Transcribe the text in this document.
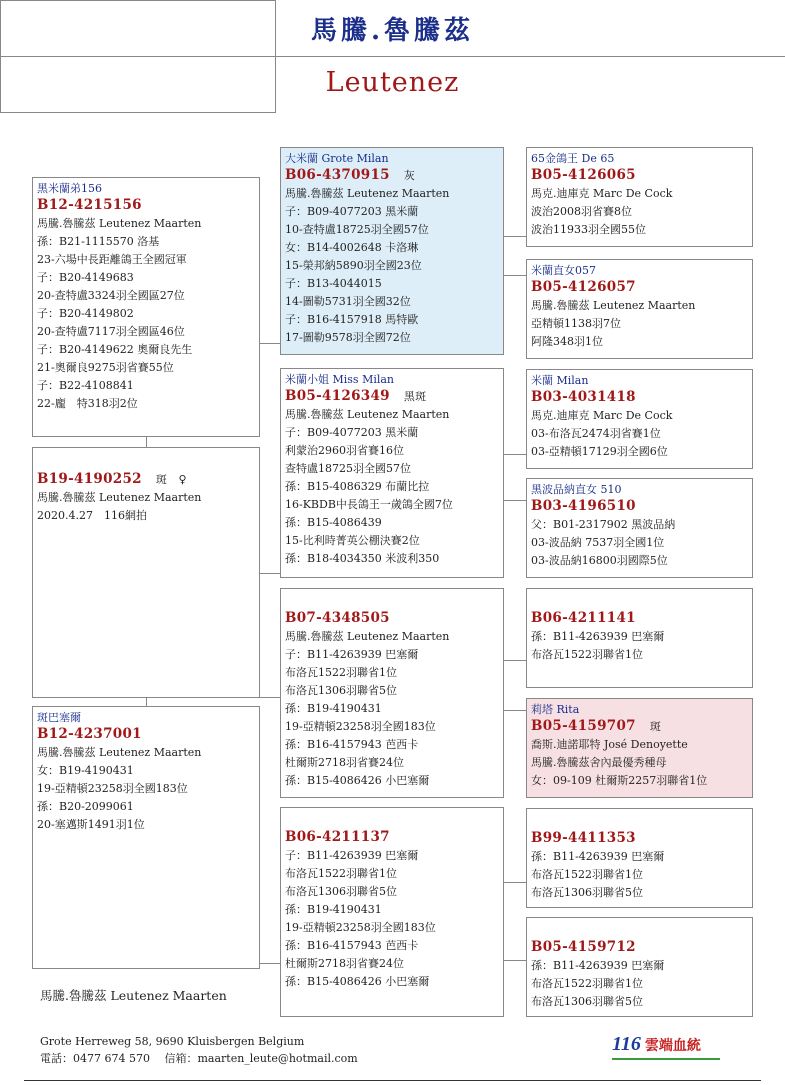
馬騰.魯騰茲
Leutenez
黑米蘭弟156
B12-4215156
馬騰.魯騰茲 Leutenez Maarten
孫：B21-1115570 洛基
23-六場中長距離鴿王全國冠軍
子：B20-4149683
20-查特盧3324羽全國區27位
子：B20-4149802
20-查特盧7117羽全國區46位
子：B20-4149622 奧爾良先生
21-奧爾良9275羽省賽55位
子：B22-4108841
22-龐　特318羽2位
B19-4190252 斑　♀
馬騰.魯騰茲 Leutenez Maarten
2020.4.27　116網拍
斑巴塞爾
B12-4237001
馬騰.魯騰茲 Leutenez Maarten
女：B19-4190431
19-亞精頓23258羽全國183位
孫：B20-2099061
20-塞邁斯1491羽1位
大米蘭 Grote Milan
B06-4370915 灰
馬騰.魯騰茲 Leutenez Maarten
子：B09-4077203 黑米蘭
10-查特盧18725羽全國57位
女：B14-4002648 卡洛琳
15-榮邦納5890羽全國23位
子：B13-4044015
14-圖勒5731羽全國32位
子：B16-4157918 馬特歐
17-圖勒9578羽全國72位
米蘭小姐 Miss Milan
B05-4126349 黑斑
馬騰.魯騰茲 Leutenez Maarten
子：B09-4077203 黑米蘭
利蒙治2960羽省賽16位
查特盧18725羽全國57位
孫：B15-4086329 布蘭比拉
16-KBDB中長鴿王一歲鴿全國7位
孫：B15-4086439
15-比利時菁英公棚決賽2位
孫：B18-4034350 米波利350
B07-4348505
馬騰.魯騰茲 Leutenez Maarten
子：B11-4263939 巴塞爾
布洛瓦1522羽聯省1位
布洛瓦1306羽聯省5位
孫：B19-4190431
19-亞精頓23258羽全國183位
孫：B16-4157943 芭西卡
杜爾斯2718羽省賽24位
孫：B15-4086426 小巴塞爾
B06-4211137
子：B11-4263939 巴塞爾
布洛瓦1522羽聯省1位
布洛瓦1306羽聯省5位
孫：B19-4190431
19-亞精頓23258羽全國183位
孫：B16-4157943 芭西卡
杜爾斯2718羽省賽24位
孫：B15-4086426 小巴塞爾
65金鴿王 De 65
B05-4126065
馬克.迪庫克 Marc De Cock
波治2008羽省賽8位
波治11933羽全國55位
米蘭直女057
B05-4126057
馬騰.魯騰茲 Leutenez Maarten
亞精頓1138羽7位
阿隆348羽1位
米蘭 Milan
B03-4031418
馬克.迪庫克 Marc De Cock
03-布洛瓦2474羽省賽1位
03-亞精頓17129羽全國6位
黑波品納直女 510
B03-4196510
父：B01-2317902 黑波品納
03-波品納 7537羽全國1位
03-波品納16800羽國際5位
B06-4211141
孫：B11-4263939 巴塞爾
布洛瓦1522羽聯省1位
莉塔 Rita
B05-4159707 斑
喬斯.迪諾耶特 José Denoyette
馬騰.魯騰茲舍內最優秀種母
女：09-109 杜爾斯2257羽聯省1位
B99-4411353
孫：B11-4263939 巴塞爾
布洛瓦1522羽聯省1位
布洛瓦1306羽聯省5位
B05-4159712
孫：B11-4263939 巴塞爾
布洛瓦1522羽聯省1位
布洛瓦1306羽聯省5位
馬騰.魯騰茲 Leutenez Maarten
Grote Herreweg 58, 9690 Kluisbergen Belgium
電話：0477 674 570　 信箱：maarten_leute@hotmail.com
116 雲端血統
